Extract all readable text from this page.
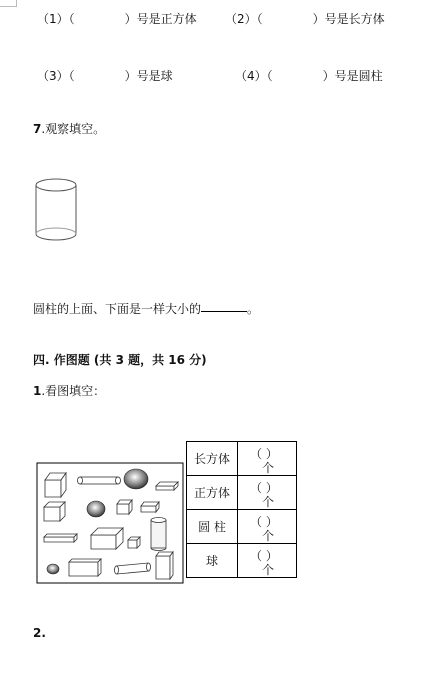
（1）（	）号是正方体 （2）（	）号是长方体
（3）（	）号是球	（4）（	）号是圆柱
7.观察填空。
圆柱的上面、下面是一样大小的	。
四. 作图题 (共 3 题，共 16 分)
1.看图填空：
长方体	（ ）
个

正方体	（ ）
个

圆 柱	（ ）
个

球	（ ）
个
2.
